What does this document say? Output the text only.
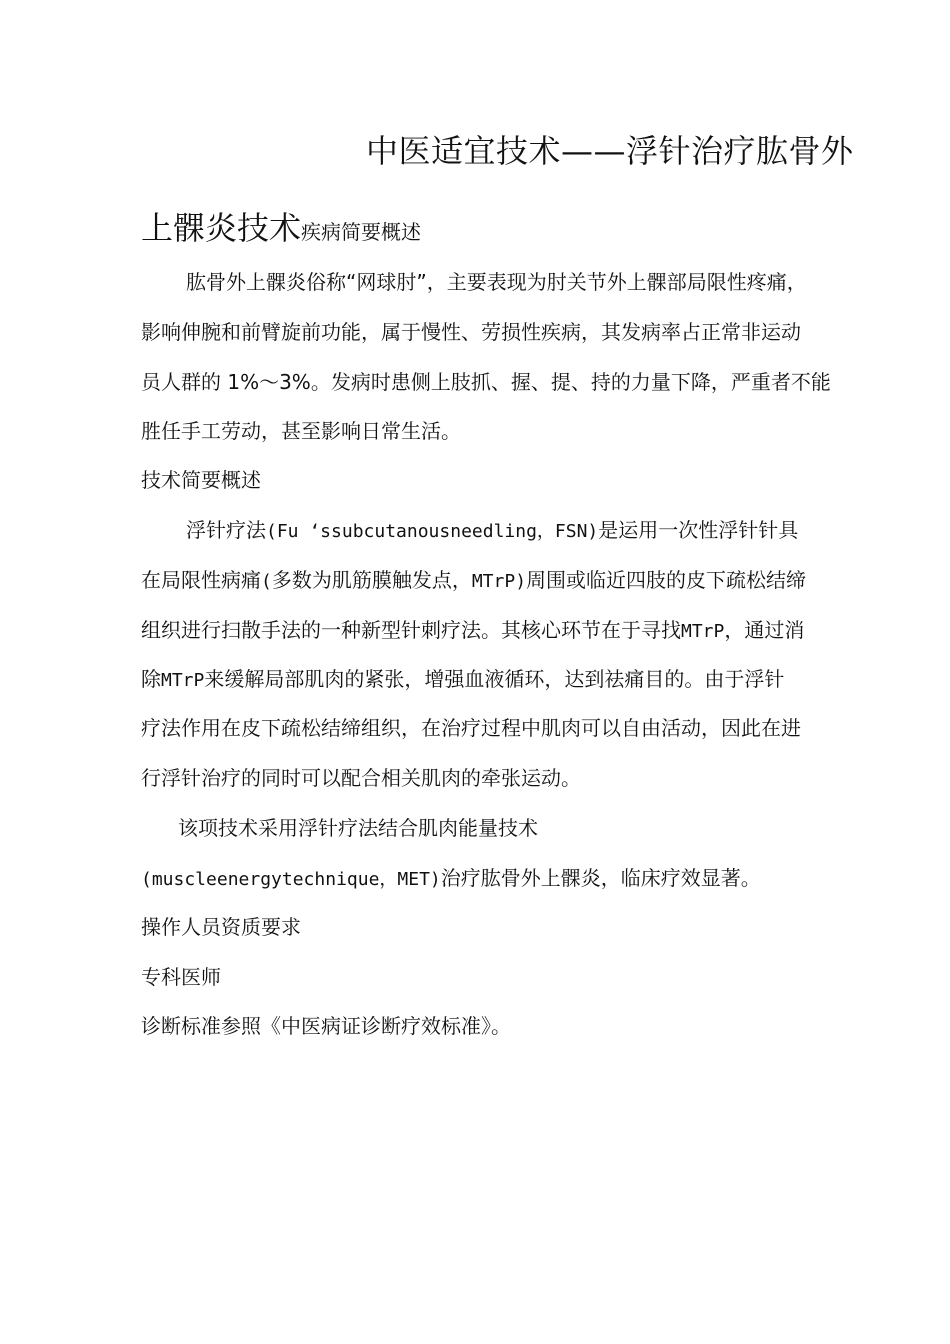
中医适宜技术——浮针治疗肱骨外
上髁炎技术疾病简要概述
肱骨外上髁炎俗称“网球肘”，主要表现为肘关节外上髁部局限性疼痛，
影响伸腕和前臂旋前功能，属于慢性、劳损性疾病，其发病率占正常非运动
员人群的 1%～3%。发病时患侧上肢抓、握、提、持的力量下降，严重者不能
胜任手工劳动，甚至影响日常生活。
技术简要概述
浮针疗法(Fu ‘ssubcutanousneedling，FSN)是运用一次性浮针针具
在局限性病痛(多数为肌筋膜触发点，MTrP)周围或临近四肢的皮下疏松结缔
组织进行扫散手法的一种新型针刺疗法。其核心环节在于寻找MTrP，通过消
除MTrP来缓解局部肌肉的紧张，增强血液循环，达到祛痛目的。由于浮针
疗法作用在皮下疏松结缔组织，在治疗过程中肌肉可以自由活动，因此在进
行浮针治疗的同时可以配合相关肌肉的牵张运动。
该项技术采用浮针疗法结合肌肉能量技术
(muscleenergytechnique，MET)治疗肱骨外上髁炎，临床疗效显著。
操作人员资质要求
专科医师
诊断标准参照《中医病证诊断疗效标准》。
